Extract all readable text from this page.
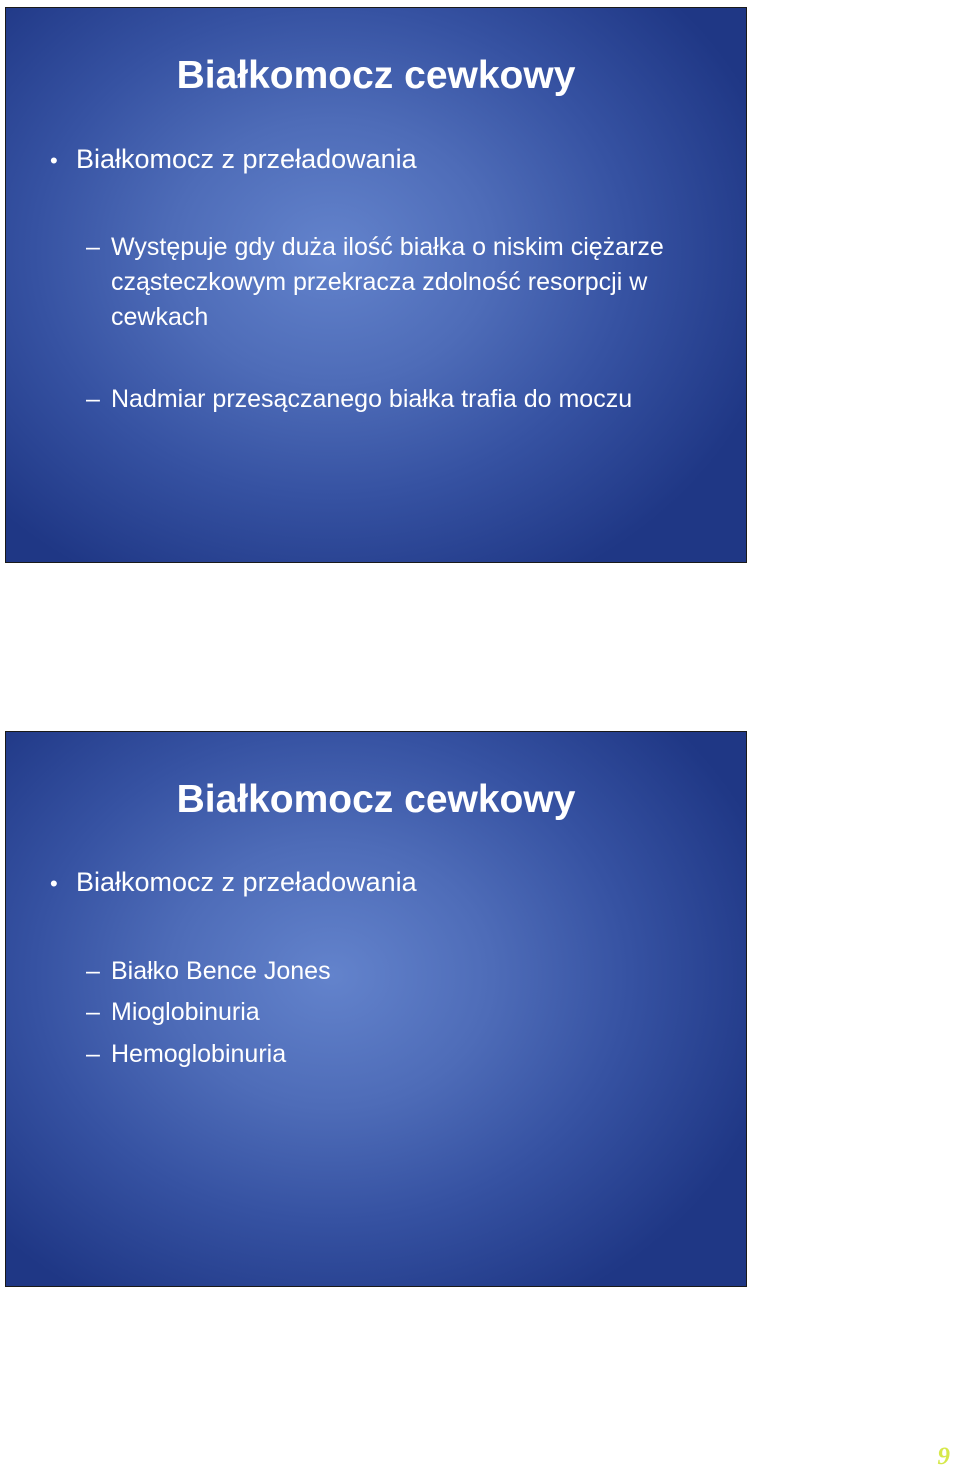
Białkomocz cewkowy
• Białkomocz z przeładowania
– Występuje gdy duża ilość białka o niskim ciężarze cząsteczkowym przekracza zdolność resorpcji w cewkach
– Nadmiar przesączanego białka trafia do moczu
Białkomocz cewkowy
• Białkomocz z przeładowania
– Białko Bence Jones
– Mioglobinuria
– Hemoglobinuria
9
